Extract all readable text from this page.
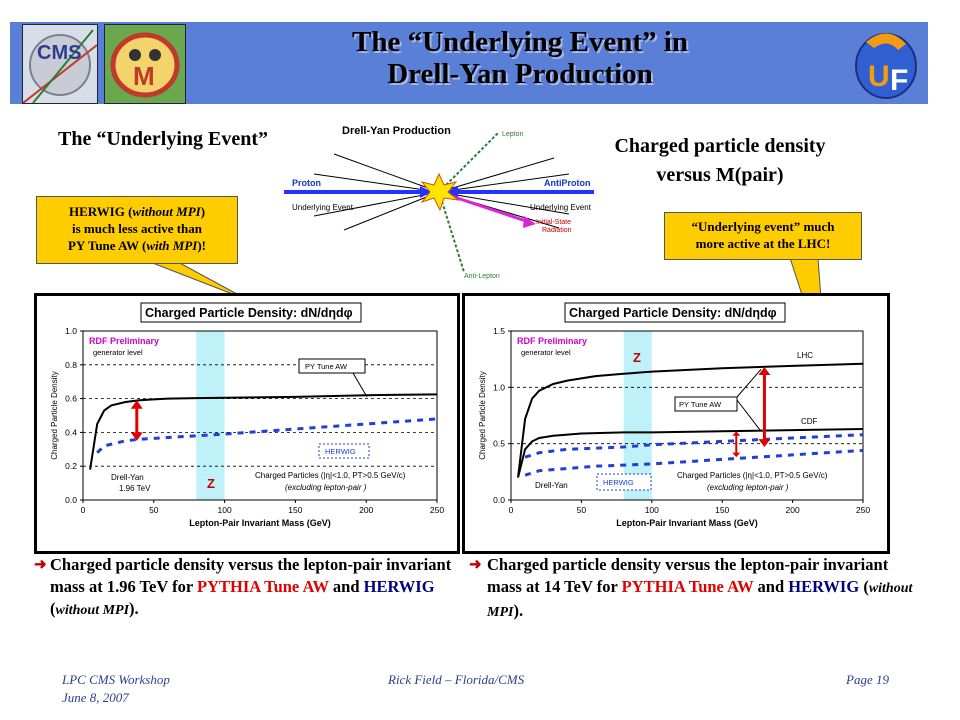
CMS
M
The “Underlying Event” in
Drell-Yan Production	U F
The “Underlying Event”	Drell-Yan Production	Lepton
Anti-Lepton
Proton	AntiProton
Underlying Event	Underlying Event
Initial-State
Radiation
Charged particle density
versus M(pair)
HERWIG (without MPI)
is much less active than
PY Tune AW (with MPI)!
“Underlying event” much
more active at the LHC!
Charged Particle Density: dN/dηdφ
0.0
0.2
0.4
0.6
0.8
1.0
0	50	100	150	200	250
Lepton-Pair Invariant Mass (GeV)
Charged Particle Density
RDF Preliminary
generator level
Charged Particles (|η|<1.0, PT>0.5 GeV/c)
(excluding lepton-pair )
Z
Drell-Yan
1.96 TeV
PY Tune AW
HERWIG
Charged Particle Density: dN/dηdφ
0.0
0.5
1.0
1.5
0	50	100	150	200	250
Lepton-Pair Invariant Mass (GeV)
Charged Particle Density
RDF Preliminary
generator level
Charged Particles (|η|<1.0, PT>0.5 GeV/c)
(excluding lepton-pair )
Z
Drell-Yan
LHC
CDF
PY Tune AW
HERWIG
➜ Charged particle density versus the lepton-pair invariant mass at 1.96 TeV for PYTHIA Tune AW and HERWIG (without MPI).
➜ Charged particle density versus the lepton-pair invariant mass at 14 TeV for PYTHIA Tune AW and HERWIG (without MPI).
LPC CMS Workshop
June 8, 2007
Rick Field – Florida/CMS	Page 19
